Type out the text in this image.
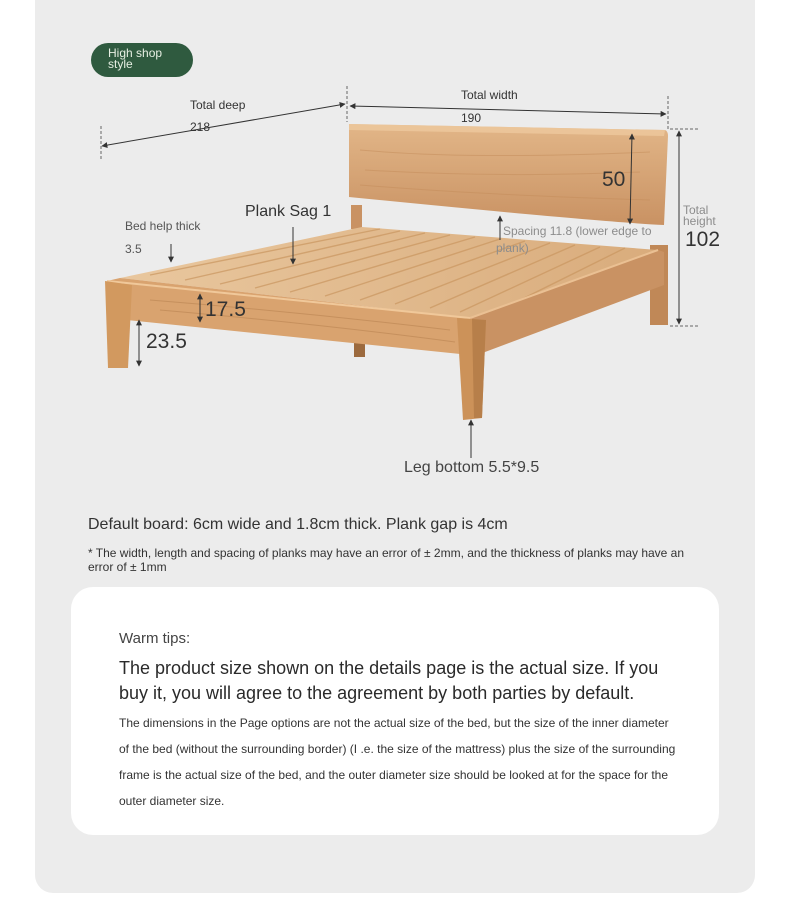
High shop
style
Total deep
218
Total width
190
50
Total
height
102
Plank Sag 1
Bed help thick
3.5
Spacing 11.8 (lower edge to
plank)
17.5
23.5
Leg bottom 5.5*9.5
Default board: 6cm wide and 1.8cm thick. Plank gap is 4cm
* The width, length and spacing of planks may have an error of ± 2mm, and the thickness of planks may have an error of ± 1mm
Warm tips:
The product size shown on the details page is the actual size. If you buy it, you will agree to the agreement by both parties by default.
The dimensions in the Page options are not the actual size of the bed, but the size of the inner diameter of the bed (without the surrounding border) (I .e. the size of the mattress) plus the size of the surrounding frame is the actual size of the bed, and the outer diameter size should be looked at for the space for the outer diameter size.
